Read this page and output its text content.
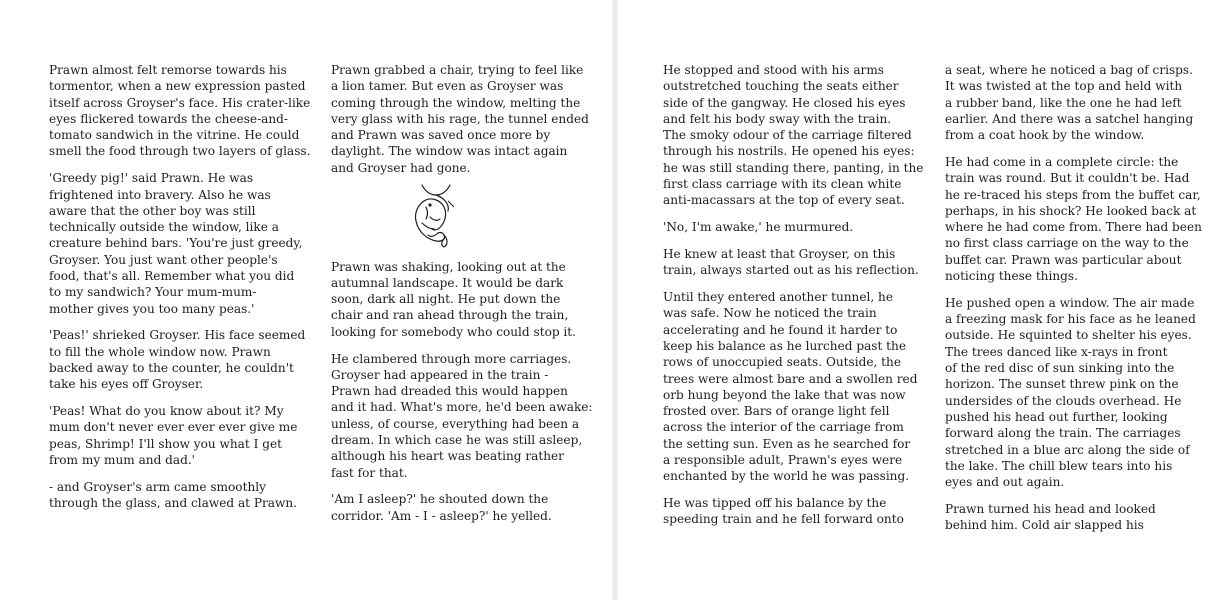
Prawn almost felt remorse towards his
tormentor, when a new expression pasted
itself across Groyser's face. His crater-like
eyes flickered towards the cheese-and-
tomato sandwich in the vitrine. He could
smell the food through two layers of glass.

'Greedy pig!' said Prawn. He was
frightened into bravery. Also he was
aware that the other boy was still
technically outside the window, like a
creature behind bars. 'You're just greedy,
Groyser. You just want other people's
food, that's all. Remember what you did
to my sandwich? Your mum-mum-
mother gives you too many peas.'

'Peas!' shrieked Groyser. His face seemed
to fill the whole window now. Prawn
backed away to the counter, he couldn't
take his eyes off Groyser.

'Peas! What do you know about it? My
mum don't never ever ever ever give me
peas, Shrimp! I'll show you what I get
from my mum and dad.'

- and Groyser's arm came smoothly
through the glass, and clawed at Prawn.

Prawn grabbed a chair, trying to feel like
a lion tamer. But even as Groyser was
coming through the window, melting the
very glass with his rage, the tunnel ended
and Prawn was saved once more by
daylight. The window was intact again
and Groyser had gone.

Prawn was shaking, looking out at the
autumnal landscape. It would be dark
soon, dark all night. He put down the
chair and ran ahead through the train,
looking for somebody who could stop it.

He clambered through more carriages.
Groyser had appeared in the train -
Prawn had dreaded this would happen
and it had. What's more, he'd been awake:
unless, of course, everything had been a
dream. In which case he was still asleep,
although his heart was beating rather
fast for that.

'Am I asleep?' he shouted down the
corridor. 'Am - I - asleep?' he yelled.

He stopped and stood with his arms
outstretched touching the seats either
side of the gangway. He closed his eyes
and felt his body sway with the train.
The smoky odour of the carriage filtered
through his nostrils. He opened his eyes:
he was still standing there, panting, in the
first class carriage with its clean white
anti-macassars at the top of every seat.

'No, I'm awake,' he murmured.

He knew at least that Groyser, on this
train, always started out as his reflection.

Until they entered another tunnel, he
was safe. Now he noticed the train
accelerating and he found it harder to
keep his balance as he lurched past the
rows of unoccupied seats. Outside, the
trees were almost bare and a swollen red
orb hung beyond the lake that was now
frosted over. Bars of orange light fell
across the interior of the carriage from
the setting sun. Even as he searched for
a responsible adult, Prawn's eyes were
enchanted by the world he was passing.

He was tipped off his balance by the
speeding train and he fell forward onto

a seat, where he noticed a bag of crisps.
It was twisted at the top and held with
a rubber band, like the one he had left
earlier. And there was a satchel hanging
from a coat hook by the window.

He had come in a complete circle: the
train was round. But it couldn't be. Had
he re-traced his steps from the buffet car,
perhaps, in his shock? He looked back at
where he had come from. There had been
no first class carriage on the way to the
buffet car. Prawn was particular about
noticing these things.

He pushed open a window. The air made
a freezing mask for his face as he leaned
outside. He squinted to shelter his eyes.
The trees danced like x-rays in front
of the red disc of sun sinking into the
horizon. The sunset threw pink on the
undersides of the clouds overhead. He
pushed his head out further, looking
forward along the train. The carriages
stretched in a blue arc along the side of
the lake. The chill blew tears into his
eyes and out again.

Prawn turned his head and looked
behind him. Cold air slapped his
